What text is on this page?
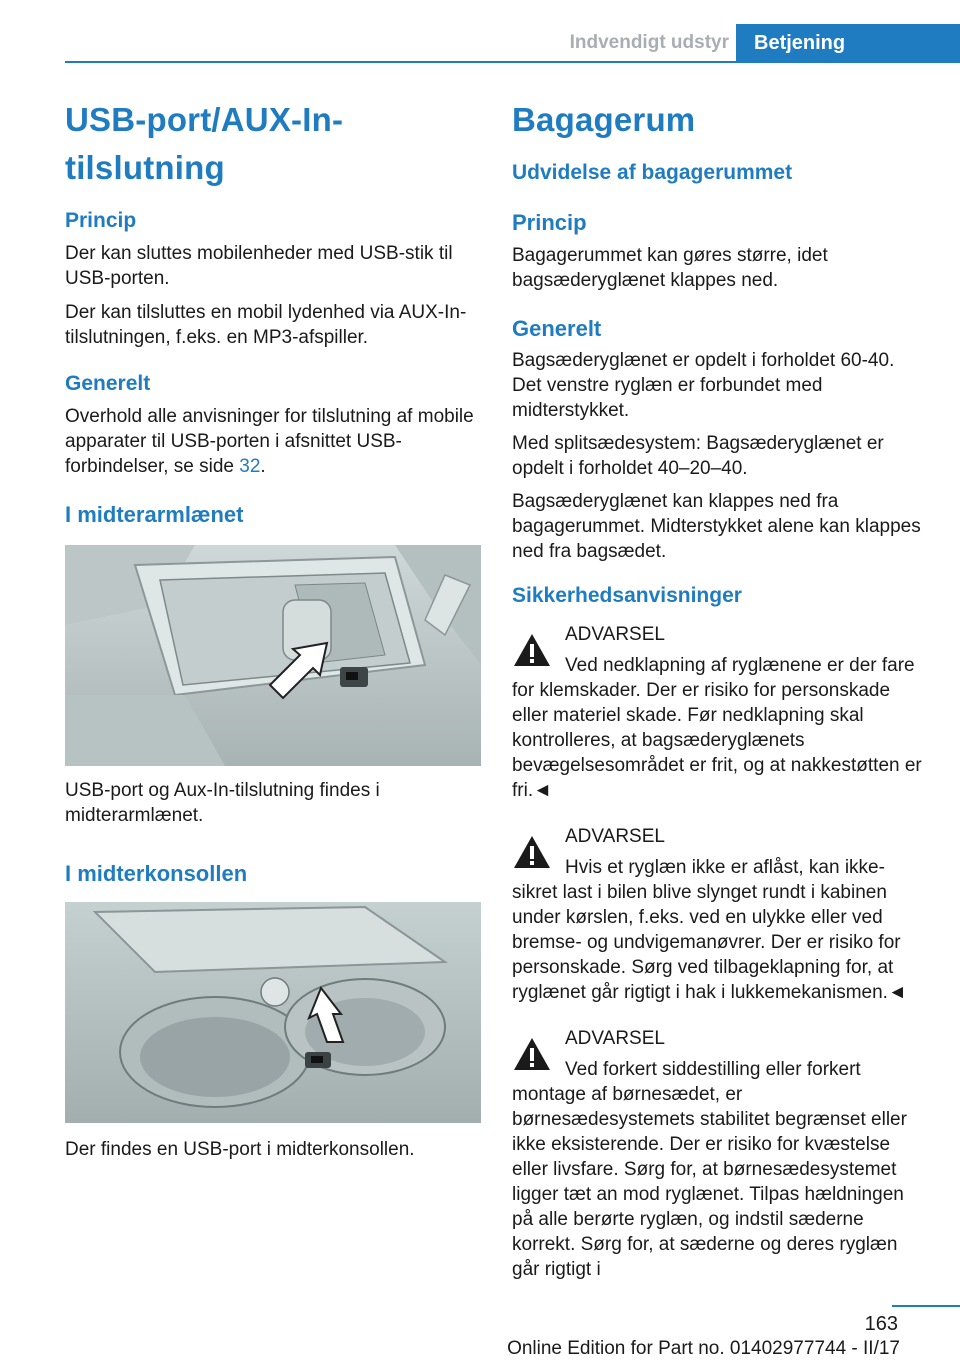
Indvendigt udstyr	Betjening
USB-port/AUX-In-tilslutning
Princip

Der kan sluttes mobilenheder med USB-stik til USB-porten.

Der kan tilsluttes en mobil lydenhed via AUX-In-tilslutningen, f.eks. en MP3-afspiller.

Generelt

Overhold alle anvisninger for tilslutning af mobile apparater til USB-porten i afsnittet USB-forbindelser, se side 32.

I midterarmlænet

USB-port og Aux-In-tilslutning findes i midterarmlænet.

I midterkonsollen

Der findes en USB-port i midterkonsollen.

Bagagerum
Udvidelse af bagagerummet
Princip

Bagagerummet kan gøres større, idet bagsæderyglænet klappes ned.

Generelt

Bagsæderyglænet er opdelt i forholdet 60-40. Det venstre ryglæn er forbundet med midterstykket.

Med splitsædesystem: Bagsæderyglænet er opdelt i forholdet 40–20–40.

Bagsæderyglænet kan klappes ned fra bagagerummet. Midterstykket alene kan klappes ned fra bagsædet.

Sikkerhedsanvisninger

ADVARSEL

Ved nedklapning af ryglænene er der fare for klemskader. Der er risiko for personskade eller materiel skade. Før nedklapning skal kontrolleres, at bagsæderyglænets bevægelsesområdet er frit, og at nakkestøtten er fri.◄

ADVARSEL

Hvis et ryglæn ikke er aflåst, kan ikke-sikret last i bilen blive slynget rundt i kabinen under kørslen, f.eks. ved en ulykke eller ved bremse- og undvigemanøvrer. Der er risiko for personskade. Sørg ved tilbageklapning for, at ryglænet går rigtigt i hak i lukkemekanismen.◄

ADVARSEL

Ved forkert siddestilling eller forkert montage af børnesædet, er børnesædesystemets stabilitet begrænset eller ikke eksisterende. Der er risiko for kvæstelse eller livsfare. Sørg for, at børnesædesystemet ligger tæt an mod ryglænet. Tilpas hældningen på alle berørte ryglæn, og indstil sæderne korrekt. Sørg for, at sæderne og deres ryglæn går rigtigt i

163
Online Edition for Part no. 01402977744 - II/17
